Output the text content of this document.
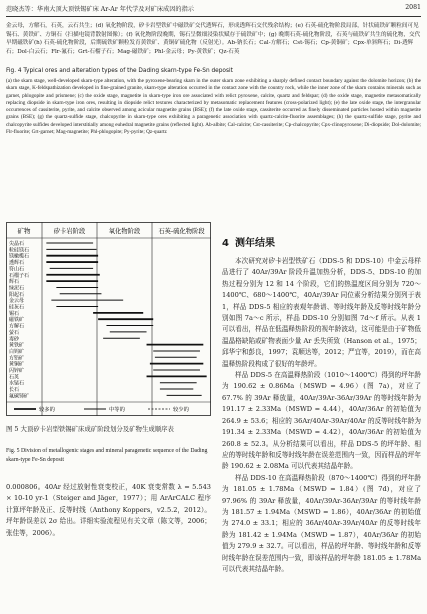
范晓杰等：华南大顶大顶铁锡矿床 Ar-Ar 年代学及对矿床成因的指示	2081
金云母，方解石，石英，云石共生；(d) 氧化物阶段，矽卡岩型铁矿中磁铁矿交代透辉石，形成透辉石交代残余结构；(e) 石英-硫化物阶段局部，针状硫铁矿颗粒间可见锡石、黄铁矿、方铜石（扫描电镜背散射图像）；(f) 氧化物阶段晚期，锡石呈微细浸染状赋存于硫铁矿中；(g) 晚期石英-硫化物阶段，石英与硫铁矿共生的硫化物，交代早期磁铁矿(h) 石英-硫化物阶段，后期硫铁矿颗粒发育黄铁矿、黄铜矿硫化物（反射光）。Ab-钠长石；Cal-方解石；Cst-锡石；Cp-黄铜矿；Cpx-单斜辉石；Di-透辉石；Dol-白云石；Flr-氟石；Grt-石榴子石；Mag-磁铁矿；Phl-金云母；Py-黄铁矿；Qz-石英
Fig. 4 Typical ores and alteration types of the Dading skarn-type Fe-Sn deposit
(a) the skarn stage, well-developed skarn-type alteration, with the pyroxene-bearing skarn in the outer skarn zone exhibiting a sharply defined contact boundary against the dolomite horizon; (b) the skarn stage, K-feldspathization developed in fine-grained granite, skarn-type alteration occurred in the contact zone with the country rock, while the inner zone of the skarn contains minerals such as garnet, phlogopite and prismene; (c) the oxide stage, magnetite in skarn-type iron ore associated with relict pyroxene, calcite, quartz and feldspar; (d) the oxide stage, magnetite metasomatically replacing diopside in skarn-type iron ores, resulting in diopside relict textures characterized by metasomatic replacement features (cross-polarized light); (e) the late oxide stage, the intergranular occurrences of cassiterite, pyrite, and calcite observed among acicular magnetite grains (BSE); (f) the late oxide stage, cassiterite occurred as finely disseminated particles hosted within magnetite grains (BSE); (g) the quartz-sulfide stage, chalcopyrite in skarn-type ores exhibiting a paragenetic association with quartz-calcite-fluorite assemblages; (h) the quartz-sulfide stage, pyrite and chalcopyrite sulfides developed interstitially among euhedral magnetite grains (reflected light). Ab-albite; Cal-calcite; Cst-cassiterite; Cp-chalcopyrite; Cpx-clinopyroxene; Di-diopside; Dol-dolomite; Flr-fluorite; Grt-garnet; Mag-magnetite; Phl-phlogopite; Py-pyrite; Qz-quartz
矿物	矽卡岩阶段	氧化物阶段	石英-硫化物阶段
尖晶石
粒硅镁石
镁橄榄石
透辉石
符山石
石榴子石
辉石
绿泥石
阳起石
金云母
硅灰石
锡石
磁铁矿
方解石
萤石
毒砂
黄铁矿
白钨矿
方铅矿
黄铜矿
闪锌矿
石英
水锰石
长石
氟碳铈矿
较多的	中等的	较少的
图 5 大顶矽卡岩型铁锡矿床成矿阶段划分及矿物生成顺序表
Fig. 5 Division of metallogenic stages and mineral paragenetic sequence of the Dading skarn-type Fe-Sn deposit

0.000806。40Ar 经过放射性衰变校正，40K 衰变常数 λ = 5.543 × 10-10 yr-1（Steiger and Jäger，1977）；用 ArArCALC 程序计算坪年龄及正、反等时线（Anthony Koppers，v2.5.2，2012）。坪年龄误差以 2σ 给出。详细实验流程见有关文章（陈文等，2006；张佳等，2006）。

4 测年结果

本次研究对矽卡岩型铁矿石（DDS-5 和 DDS-10）中金云母样品进行了 40Ar/39Ar 阶段升温加热分析，DDS-5、DDS-10 的加热过程分别为 12 和 14 个阶段，它们的热温度区间分别为 720～1400℃、680～1400℃，40Ar/39Ar 同位素分析结果分别列于表 1，样品 DDS-5 相应的表观年龄谱、等时线年龄及反等时线年龄分别如图 7a～c 所示，样品 DDS-10 分别如图 7d～f 所示。从表 1 可以看出，样品在低温释热阶段的视年龄波动，这可能是由于矿物低温晶格缺陷或矿物表面少量 Ar 丢失所致（Hanson et al.，1975；邱华宁和彭良，1997；袁顺达等，2012；严宜等，2019），而在高温释热阶段构成了很好的年龄坪。

样品 DDS-5 在高温释热阶段（1010～1400℃）得到的坪年龄为 190.62 ± 0.86Ma（MSWD = 4.96）(图 7a)，对应了 67.7% 的 39Ar 释放量，40Ar/39Ar-36Ar/39Ar 的等时线年龄为 191.17 ± 2.33Ma（MSWD = 4.44），40Ar/36Ar 的初始值为 264.9 ± 53.6；相应的 36Ar/40Ar-39Ar/40Ar 的反等时线年龄为 191.34 ± 2.33Ma（MSWD = 4.42），40Ar/36Ar 的初始值为 260.8 ± 52.3。从分析结果可以看出，样品 DDS-5 的坪年龄、相应的等时线年龄和反等时线年龄在误差范围内一致，因而样品的坪年龄 190.62 ± 2.08Ma 可以代表其结晶年龄。

样品 DDS-10 在高温释热阶段（870～1400℃）得到的坪年龄为 181.05 ± 1.78Ma（MSWD = 1.84）(图 7d)，对应了 97.96% 的 39Ar 释放量，40Ar/39Ar-36Ar/39Ar 的等时线年龄为 181.57 ± 1.94Ma（MSWD = 1.86），40Ar/36Ar 的初始值为 274.0 ± 33.1；相应的 36Ar/40Ar-39Ar/40Ar 的反等时线年龄为 181.42 ± 1.94Ma（MSWD = 1.87），40Ar/36Ar 的初始值为 279.9 ± 32.7。可以看出，样品的坪年龄、等时线年龄和反等时线年龄在误差范围内一致，即该样品的坪年龄 181.05 ± 1.78Ma 可以代表其结晶年龄。
